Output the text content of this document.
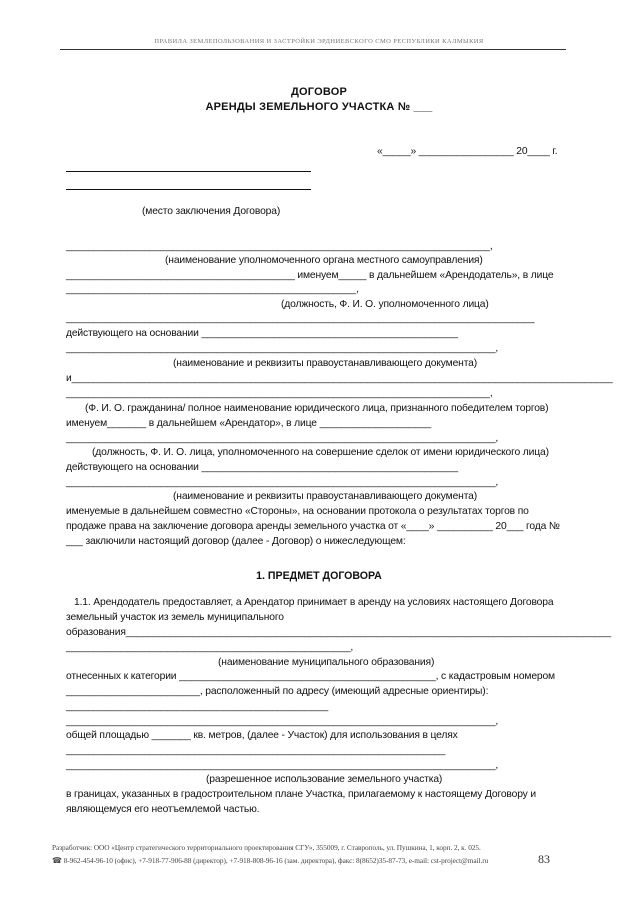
ПРАВИЛА ЗЕМЛЕПОЛЬЗОВАНИЯ И ЗАСТРОЙКИ ЭРДНИЕВСКОГО СМО РЕСПУБЛИКИ КАЛМЫКИЯ
ДОГОВОР
АРЕНДЫ ЗЕМЕЛЬНОГО УЧАСТКА № ___
«_____» _________________ 20____ г.
(место заключения Договора)
____________________________________________________________________________,
(наименование уполномоченного органа местного самоуправления)
_________________________________________ именуем_____ в дальнейшем «Арендодатель», в лице
____________________________________________________,
(должность, Ф. И. О. уполномоченного лица)
____________________________________________________________________________________
действующего на основании ______________________________________________
_____________________________________________________________________________,
(наименование и реквизиты правоустанавливающего документа)
и_________________________________________________________________________________________________
____________________________________________________________________________,
(Ф. И. О. гражданина/ полное наименование юридического лица, признанного победителем торгов)
именуем_______ в дальнейшем «Арендатор», в лице ____________________
_____________________________________________________________________________,
(должность, Ф. И. О. лица, уполномоченного на совершение сделок от имени юридического лица)
действующего на основании ______________________________________________
_____________________________________________________________________________,
(наименование и реквизиты правоустанавливающего документа)
именуемые в дальнейшем совместно «Стороны», на основании протокола о результатах торгов по
продаже права на заключение договора аренды земельного участка от «____» __________ 20___ года №
___ заключили настоящий договор (далее - Договор) о нижеследующем:
1. ПРЕДМЕТ ДОГОВОРА
1.1. Арендодатель предоставляет, а Арендатор принимает в аренду на условиях настоящего Договора
земельный участок из земель муниципального
образования_______________________________________________________________________________________
___________________________________________________,
(наименование муниципального образования)
отнесенных к категории ______________________________________________, с кадастровым номером
________________________, расположенный по адресу (имеющий адресные ориентиры):
_______________________________________________
_____________________________________________________________________________,
общей площадью _______ кв. метров, (далее - Участок) для использования в целях
____________________________________________________________________
_____________________________________________________________________________,
(разрешенное использование земельного участка)
в границах, указанных в градостроительном плане Участка, прилагаемому к настоящему Договору и
являющемуся его неотъемлемой частью.
Разработчик: ООО «Центр стратегического территориального проектирования СГУ», 355009, г. Ставрополь, ул. Пушкина, 1, корп. 2, к. 025.
☎ 8-962-454-96-10 (офис), +7-918-77-906-88 (директор), +7-918-808-96-16 (зам. директора), факс: 8(8652)35-87-73, e-mail: cst-project@mail.ru	83
